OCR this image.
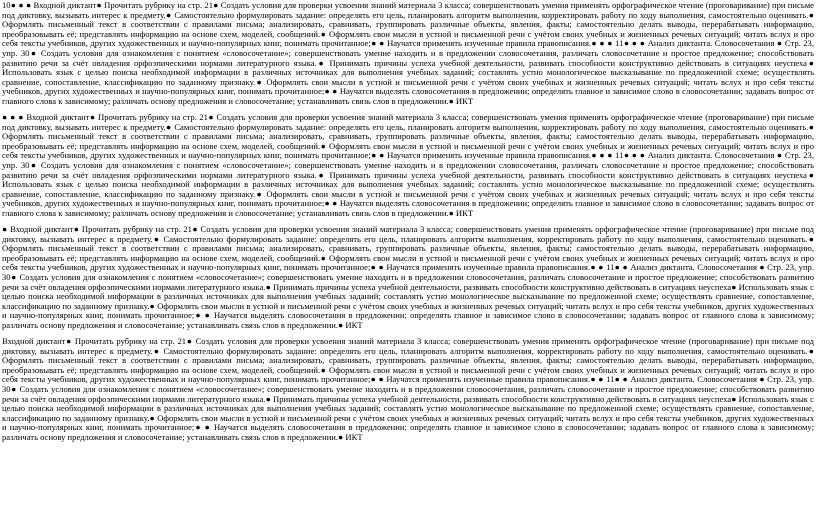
10● ● ● Входной диктант● Прочитать рубрику на стр. 21● Создать условия для проверки усвоения знаний материала 3 класса; совершенствовать умения применять орфографическое чтение (проговаривание) при письме под диктовку, вызывать интерес к предмету.● Самостоятельно формулировать задание: определять его цель, планировать алгоритм выполнения, корректировать работу по ходу выполнения, самостоятельно оценивать.● Оформлять письменный текст в соответствии с правилами письма; анализировать, сравнивать, группировать различные объекты, явления, факты; самостоятельно делать выводы, перерабатывать информацию, преобразовывать её; представлять информацию на основе схем, моделей, сообщений.● Оформлять свои мысли в устной и письменной речи с учётом своих учебных и жизненных речевых ситуаций; читать вслух и про себя тексты учебников, других художественных и научно-популярных книг, понимать прочитанное;● ● Научатся применять изученные правила правописания.● ● ● 11● ● ● Анализ диктанта. Словосочетания ● Стр. 23, упр. 30● Создать условия для ознакомления с понятием «словосочетание»; совершенствовать умение находить и в предложении словосочетания, различать словосочетание и простое предложение; способствовать развитию речи за счёт овладения орфоэпическими нормами литературного языка.● Принимать причины успеха учебной деятельности, развивать способности конструктивно действовать в ситуациях неуспеха● Использовать язык с целью поиска необходимой информации в различных источниках для выполнения учебных заданий; составлять устно монологическое высказывание по предложенной схеме; осуществлять сравнение, сопоставление, классификацию по заданному признаку.● Оформлять свои мысли в устной и письменной речи с учётом своих учебных и жизненных речевых ситуаций; читать вслух и про себя тексты учебников, других художественных и научно-популярных книг, понимать прочитанное;● ● Научатся выделять словосочетания в предложении; определять главное и зависимое слово в словосочетании; задавать вопрос от главного слова к зависимому; различать основу предложения и словосочетание; устанавливать связь слов в предложении.● ИКТ

● ● ● Входной диктант● Прочитать рубрику на стр. 21● Создать условия для проверки усвоения знаний материала 3 класса; совершенствовать умения применять орфографическое чтение (проговаривание) при письме под диктовку, вызывать интерес к предмету.● Самостоятельно формулировать задание: определять его цель, планировать алгоритм выполнения, корректировать работу по ходу выполнения, самостоятельно оценивать.● Оформлять письменный текст в соответствии с правилами письма; анализировать, сравнивать, группировать различные объекты, явления, факты; самостоятельно делать выводы, перерабатывать информацию, преобразовывать её; представлять информацию на основе схем, моделей, сообщений.● Оформлять свои мысли в устной и письменной речи с учётом своих учебных и жизненных речевых ситуаций; читать вслух и про себя тексты учебников, других художественных и научно-популярных книг, понимать прочитанное;● ● Научатся применять изученные правила правописания.● ● ● 11● ● ● Анализ диктанта. Словосочетания ● Стр. 23, упр. 30● Создать условия для ознакомления с понятием «словосочетание»; совершенствовать умение находить и в предложении словосочетания, различать словосочетание и простое предложение; способствовать развитию речи за счёт овладения орфоэпическими нормами литературного языка.● Принимать причины успеха учебной деятельности, развивать способности конструктивно действовать в ситуациях неуспеха● Использовать язык с целью поиска необходимой информации в различных источниках для выполнения учебных заданий; составлять устно монологическое высказывание по предложенной схеме; осуществлять сравнение, сопоставление, классификацию по заданному признаку.● Оформлять свои мысли в устной и письменной речи с учётом своих учебных и жизненных речевых ситуаций; читать вслух и про себя тексты учебников, других художественных и научно-популярных книг, понимать прочитанное;● ● Научатся выделять словосочетания в предложении; определять главное и зависимое слово в словосочетании; задавать вопрос от главного слова к зависимому; различать основу предложения и словосочетание; устанавливать связь слов в предложении.● ИКТ

● Входной диктант● Прочитать рубрику на стр. 21● Создать условия для проверки усвоения знаний материала 3 класса; совершенствовать умения применять орфографическое чтение (проговаривание) при письме под диктовку, вызывать интерес к предмету.● Самостоятельно формулировать задание: определять его цель, планировать алгоритм выполнения, корректировать работу по ходу выполнения, самостоятельно оценивать.● Оформлять письменный текст в соответствии с правилами письма; анализировать, сравнивать, группировать различные объекты, явления, факты; самостоятельно делать выводы, перерабатывать информацию, преобразовывать её; представлять информацию на основе схем, моделей, сообщений.● Оформлять свои мысли в устной и письменной речи с учётом своих учебных и жизненных речевых ситуаций; читать вслух и про себя тексты учебников, других художественных и научно-популярных книг, понимать прочитанное;● ● Научатся применять изученные правила правописания.● ● 11● ● Анализ диктанта. Словосочетания ● Стр. 23, упр. 30● Создать условия для ознакомления с понятием «словосочетание»; совершенствовать умение находить и в предложении словосочетания, различать словосочетание и простое предложение; способствовать развитию речи за счёт овладения орфоэпическими нормами литературного языка.● Принимать причины успеха учебной деятельности, развивать способности конструктивно действовать в ситуациях неуспеха● Использовать язык с целью поиска необходимой информации в различных источниках для выполнения учебных заданий; составлять устно монологическое высказывание по предложенной схеме; осуществлять сравнение, сопоставление, классификацию по заданному признаку.● Оформлять свои мысли в устной и письменной речи с учётом своих учебных и жизненных речевых ситуаций; читать вслух и про себя тексты учебников, других художественных и научно-популярных книг, понимать прочитанное;● ● Научатся выделять словосочетания в предложении; определять главное и зависимое слово в словосочетании; задавать вопрос от главного слова к зависимому; различать основу предложения и словосочетание; устанавливать связь слов в предложении.● ИКТ

Входной диктант● Прочитать рубрику на стр. 21● Создать условия для проверки усвоения знаний материала 3 класса; совершенствовать умения применять орфографическое чтение (проговаривание) при письме под диктовку, вызывать интерес к предмету.● Самостоятельно формулировать задание: определять его цель, планировать алгоритм выполнения, корректировать работу по ходу выполнения, самостоятельно оценивать.● Оформлять письменный текст в соответствии с правилами письма; анализировать, сравнивать, группировать различные объекты, явления, факты; самостоятельно делать выводы, перерабатывать информацию, преобразовывать её; представлять информацию на основе схем, моделей, сообщений.● Оформлять свои мысли в устной и письменной речи с учётом своих учебных и жизненных речевых ситуаций; читать вслух и про себя тексты учебников, других художественных и научно-популярных книг, понимать прочитанное;● ● Научатся применять изученные правила правописания.● ● 11● ● Анализ диктанта. Словосочетания ● Стр. 23, упр. 30● Создать условия для ознакомления с понятием «словосочетание»; совершенствовать умение находить и в предложении словосочетания, различать словосочетание и простое предложение; способствовать развитию речи за счёт овладения орфоэпическими нормами литературного языка.● Принимать причины успеха учебной деятельности, развивать способности конструктивно действовать в ситуациях неуспеха● Использовать язык с целью поиска необходимой информации в различных источниках для выполнения учебных заданий; составлять устно монологическое высказывание по предложенной схеме; осуществлять сравнение, сопоставление, классификацию по заданному признаку.● Оформлять свои мысли в устной и письменной речи с учётом своих учебных и жизненных речевых ситуаций; читать вслух и про себя тексты учебников, других художественных и научно-популярных книг, понимать прочитанное;● ● Научатся выделять словосочетания в предложении; определять главное и зависимое слово в словосочетании; задавать вопрос от главного слова к зависимому; различать основу предложения и словосочетание; устанавливать связь слов в предложении.● ИКТ
